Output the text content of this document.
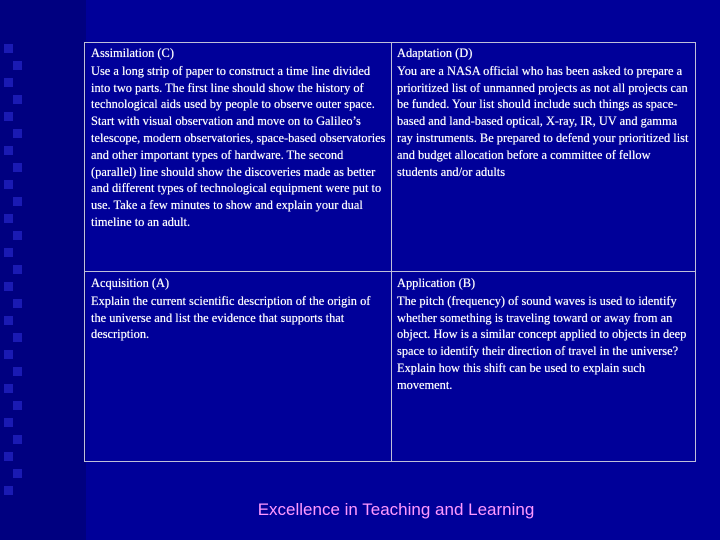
Assimilation (C)
Use a long strip of paper to construct a time line divided into two parts. The first line should show the history of technological aids used by people to observe outer space. Start with visual observation and move on to Galileo’s telescope, modern observatories, space-based observatories and other important types of hardware. The second (parallel) line should show the discoveries made as better and different types of technological equipment were put to use. Take a few minutes to show and explain your dual timeline to an adult.
Adaptation (D)
You are a NASA official who has been asked to prepare a prioritized list of unmanned projects as not all projects can be funded. Your list should include such things as space-based and land-based optical, X-ray, IR, UV and gamma ray instruments. Be prepared to defend your prioritized list and budget allocation before a committee of fellow students and/or adults
Acquisition (A)
Explain the current scientific description of the origin of the universe and list the evidence that supports that description.
Application (B)
The pitch (frequency) of sound waves is used to identify whether something is traveling toward or away from an object. How is a similar concept applied to objects in deep space to identify their direction of travel in the universe? Explain how this shift can be used to explain such movement.
Excellence in Teaching and Learning
